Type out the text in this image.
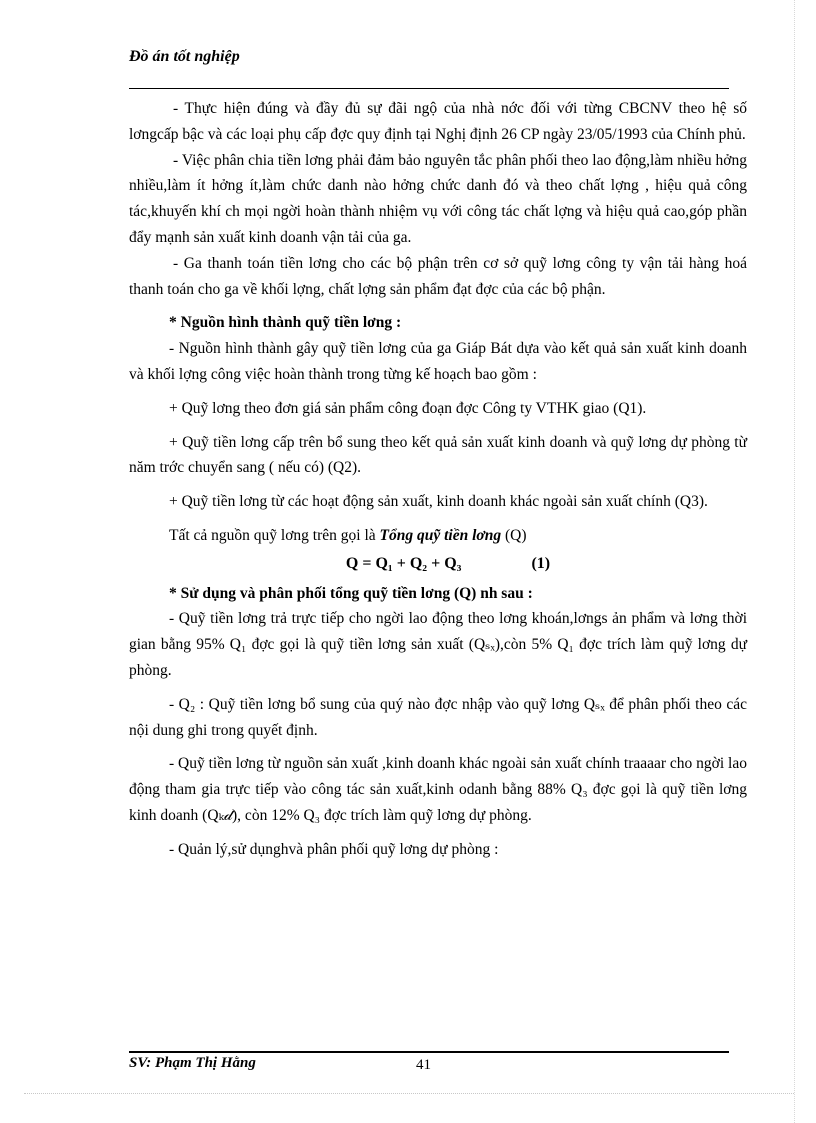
Đồ án tốt nghiệp

- Thực hiện đúng và đầy đủ sự đãi ngộ của nhà nớc đối với từng CBCNV theo hệ số lơngcấp bậc và các loại phụ cấp đợc quy định tại Nghị định 26 CP ngày 23/05/1993 của Chính phủ.

- Việc phân chia tiền lơng phải đảm bảo nguyên tắc phân phối theo lao động,làm nhiều hởng nhiều,làm ít hởng ít,làm chức danh nào hởng chức danh đó và theo chất lợng , hiệu quả công tác,khuyến khí ch mọi ngời hoàn thành nhiệm vụ với công tác chất lợng và hiệu quả cao,góp phần đẩy mạnh sản xuất kinh doanh vận tải của ga.

- Ga thanh toán tiền lơng cho các bộ phận trên cơ sở quỹ lơng công ty vận tải hàng hoá thanh toán cho ga về khối lợng, chất lợng sản phẩm đạt đợc của các bộ phận.

* Nguồn hình thành quỹ tiền lơng :

- Nguồn hình thành gây quỹ tiền lơng của ga Giáp Bát dựa vào kết quả sản xuất kinh doanh và khối lợng công việc hoàn thành trong từng kế hoạch bao gồm :

+ Quỹ lơng theo đơn giá sản phẩm công đoạn đợc Công ty VTHK giao (Q1).

+ Quỹ tiền lơng cấp trên bổ sung theo kết quả sản xuất kinh doanh và quỹ lơng dự phòng từ năm trớc chuyển sang ( nếu có) (Q2).

+ Quỹ tiền lơng từ các hoạt động sản xuất, kinh doanh khác ngoài sản xuất chính (Q3).

Tất cả nguồn quỹ lơng trên gọi là Tổng quỹ tiền lơng (Q)

Q = Q₁ + Q₂ + Q₃	(1)

* Sử dụng và phân phối tổng quỹ tiền lơng (Q) nh sau :

- Quỹ tiền lơng trả trực tiếp cho ngời lao động theo lơng khoán,lơngs ản phẩm và lơng thời gian bằng 95% Q₁ đợc gọi là quỹ tiền lơng sản xuất (Qₛₓ),còn 5% Q₁ đợc trích làm quỹ lơng dự phòng.

- Q₂ : Quỹ tiền lơng bổ sung của quý nào đợc nhập vào quỹ lơng Qₛₓ để phân phối theo các nội dung ghi trong quyết định.

- Quỹ tiền lơng từ nguồn sản xuất ,kinh doanh khác ngoài sản xuất chính traaaar cho ngời lao động tham gia trực tiếp vào công tác sản xuất,kinh odanh bằng 88% Q₃ đợc gọi là quỹ tiền lơng kinh doanh (Qₖ𝒹), còn 12% Q₃ đợc trích làm quỹ lơng dự phòng.

- Quản lý,sử dụnghvà phân phối quỹ lơng dự phòng :

SV: Phạm Thị Hằng	41
